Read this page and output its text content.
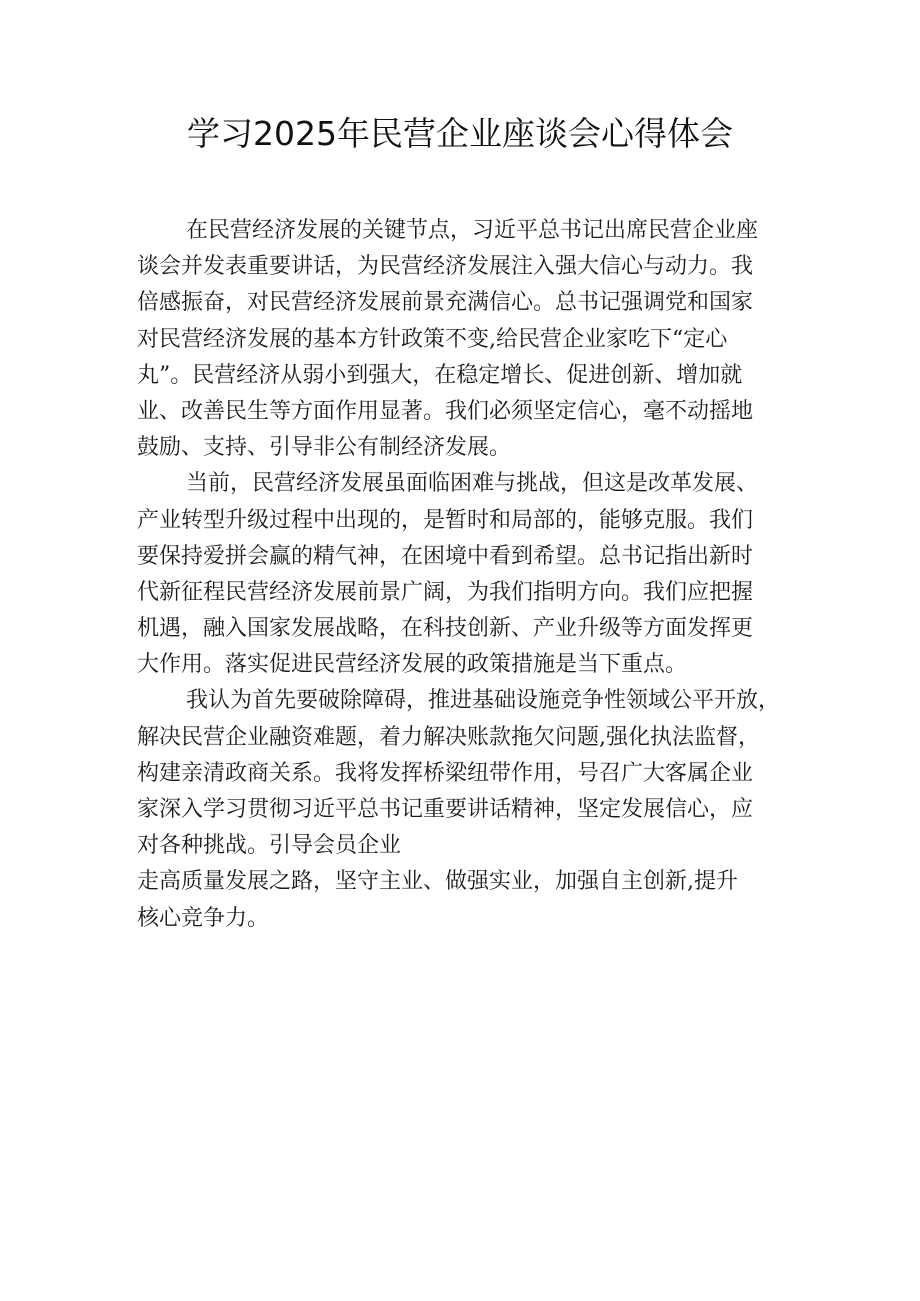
学习2025年民营企业座谈会心得体会
在民营经济发展的关键节点，习近平总书记出席民营企业座
谈会并发表重要讲话，为民营经济发展注入强大信心与动力。我
倍感振奋，对民营经济发展前景充满信心。总书记强调党和国家
对民营经济发展的基本方针政策不变,给民营企业家吃下“定心
丸”。民营经济从弱小到强大，在稳定增长、促进创新、增加就
业、改善民生等方面作用显著。我们必须坚定信心，毫不动摇地
鼓励、支持、引导非公有制经济发展。
当前，民营经济发展虽面临困难与挑战，但这是改革发展、
产业转型升级过程中出现的，是暂时和局部的，能够克服。我们
要保持爱拼会赢的精气神，在困境中看到希望。总书记指出新时
代新征程民营经济发展前景广阔，为我们指明方向。我们应把握
机遇，融入国家发展战略，在科技创新、产业升级等方面发挥更
大作用。落实促进民营经济发展的政策措施是当下重点。
我认为首先要破除障碍，推进基础设施竞争性领域公平开放，
解决民营企业融资难题，着力解决账款拖欠问题,强化执法监督，
构建亲清政商关系。我将发挥桥梁纽带作用，号召广大客属企业
家深入学习贯彻习近平总书记重要讲话精神，坚定发展信心，应
对各种挑战。引导会员企业
走高质量发展之路，坚守主业、做强实业，加强自主创新,提升
核心竞争力。
